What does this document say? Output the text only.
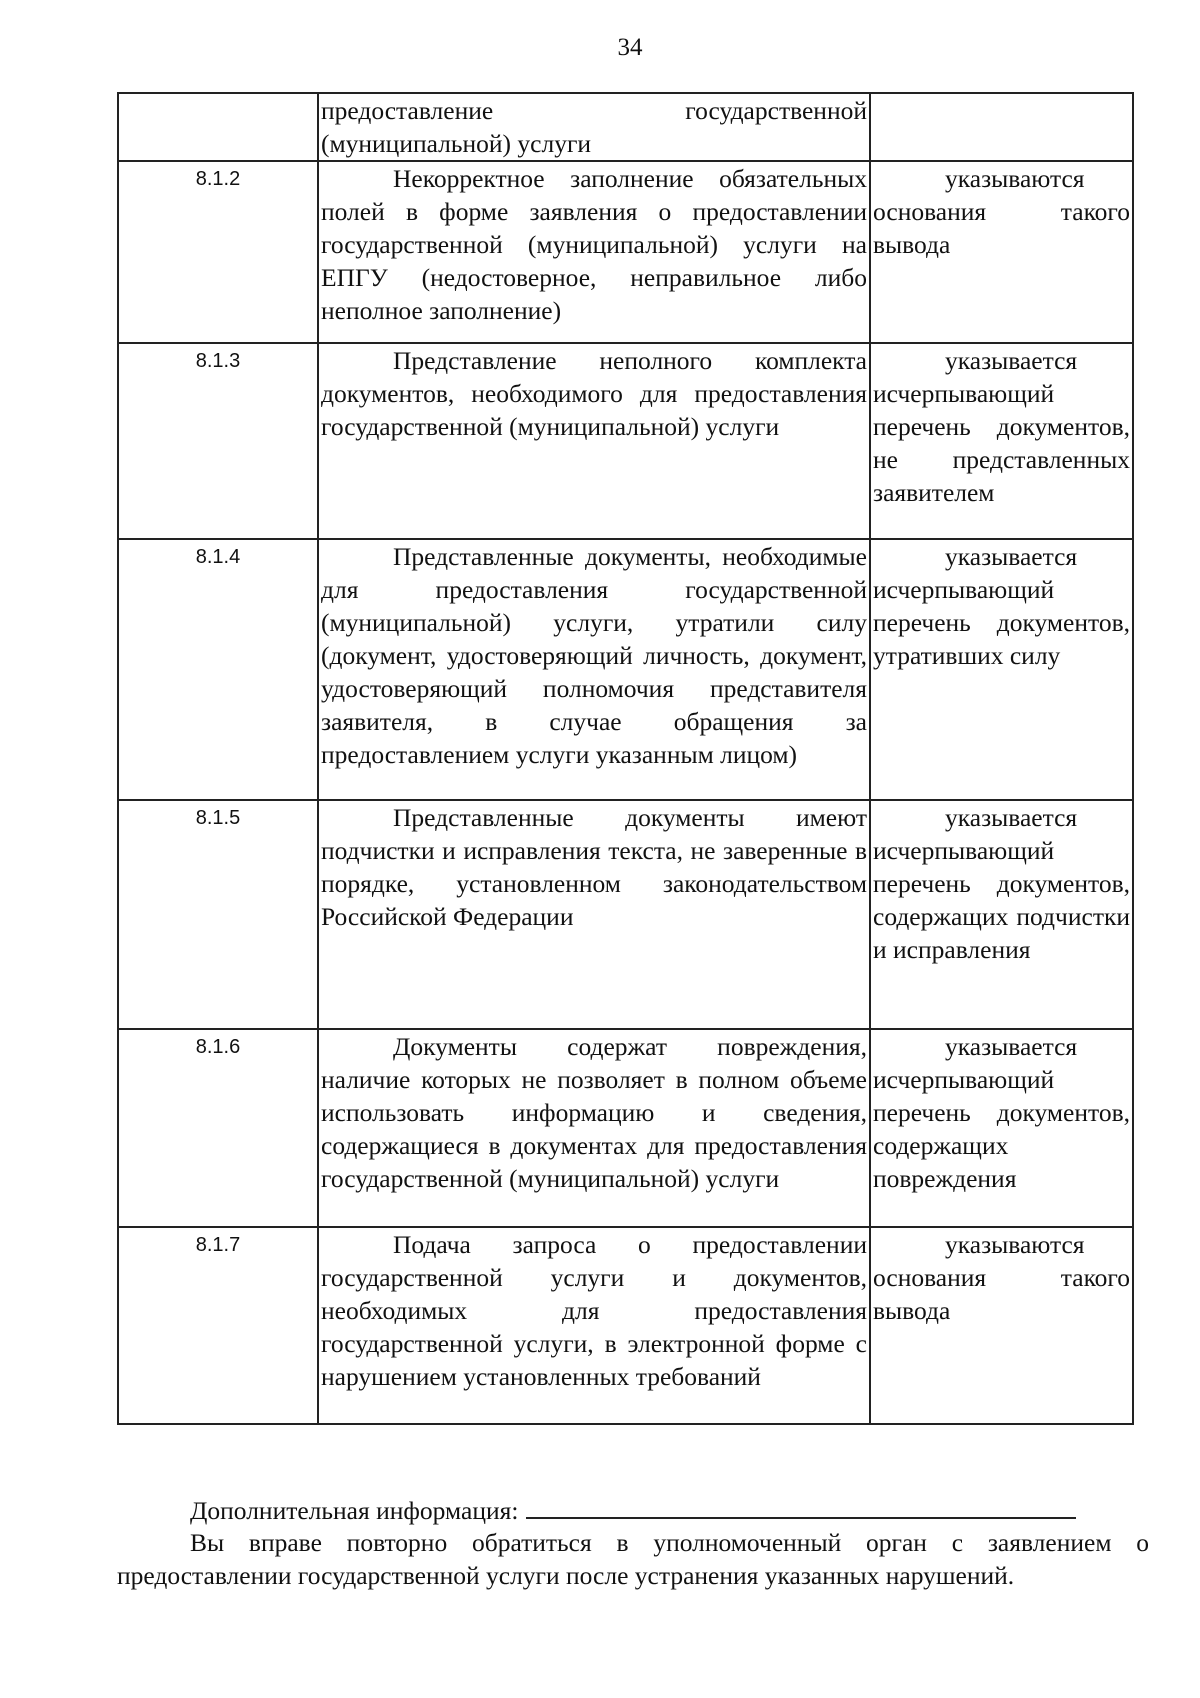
34

	предоставление государственной (муниципальной) услуги	

8.1.2	Некорректное заполнение обязательных полей в форме заявления о предоставлении государственной (муниципальной) услуги на ЕПГУ (недостоверное, неправильное либо неполное заполнение)	указываются основания такого вывода

8.1.3	Представление неполного комплекта документов, необходимого для предоставления государственной (муниципальной) услуги	указывается исчерпывающий перечень документов, не представленных заявителем

8.1.4	Представленные документы, необходимые для предоставления государственной (муниципальной) услуги, утратили силу (документ, удостоверяющий личность, документ, удостоверяющий полномочия представителя заявителя, в случае обращения за предоставлением услуги указанным лицом)	указывается исчерпывающий перечень документов, утративших силу

8.1.5	Представленные документы имеют подчистки и исправления текста, не заверенные в порядке, установленном законодательством Российской Федерации	указывается исчерпывающий перечень документов, содержащих подчистки и исправления

8.1.6	Документы содержат повреждения, наличие которых не позволяет в полном объеме использовать информацию и сведения, содержащиеся в документах для предоставления государственной (муниципальной) услуги	указывается исчерпывающий перечень документов, содержащих повреждения

8.1.7	Подача запроса о предоставлении государственной услуги и документов, необходимых для предоставления государственной услуги, в электронной форме с нарушением установленных требований	указываются основания такого вывода
Дополнительная информация:
Вы вправе повторно обратиться в уполномоченный орган с заявлением о предоставлении государственной услуги после устранения указанных нарушений.
